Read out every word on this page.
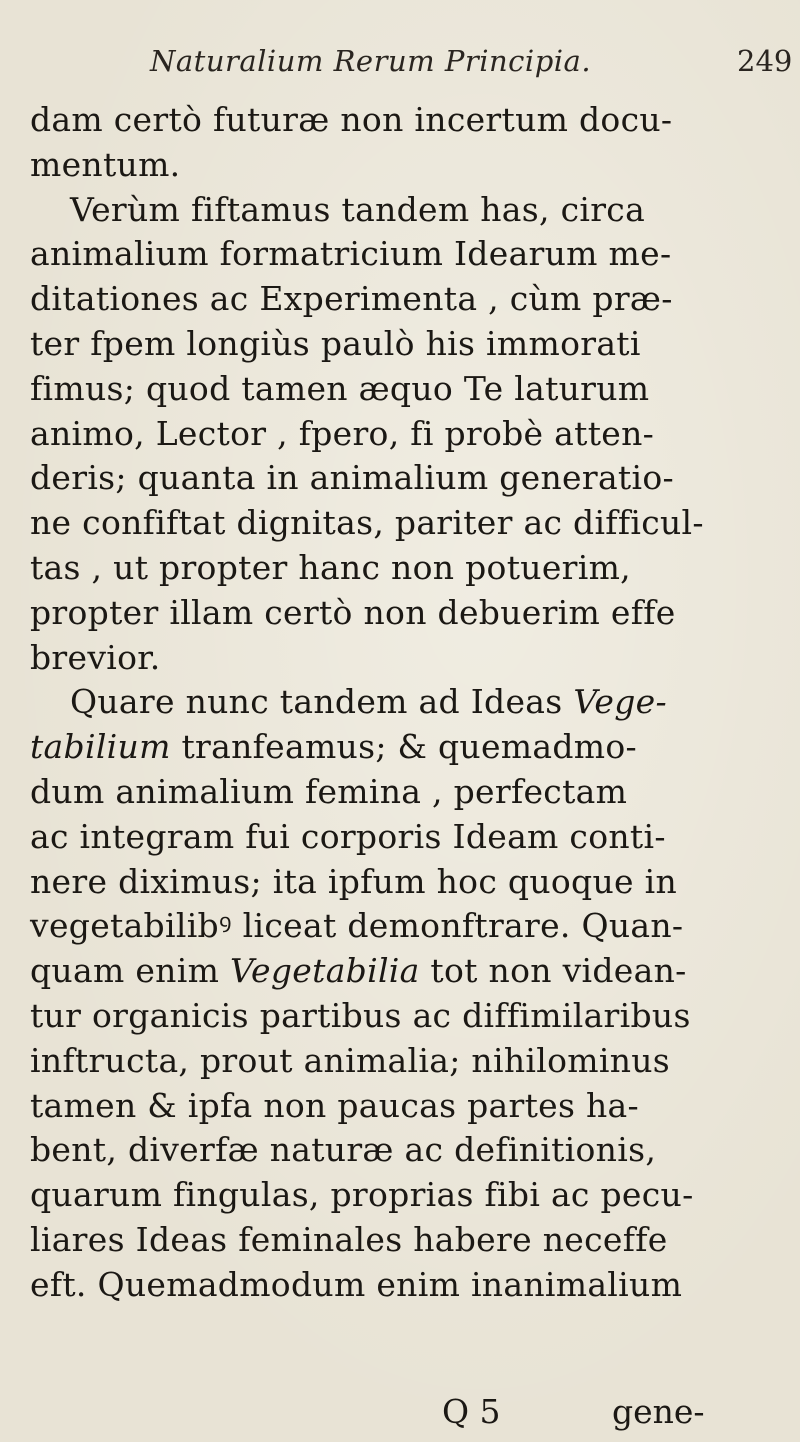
Naturalium Rerum Principia.	249
dam certò futuræ non incertum docu-
mentum.
Verùm fiftamus tandem has, circa
animalium formatricium Idearum me-
ditationes ac Experimenta , cùm præ-
ter fpem longiùs paulò his immorati
fimus; quod tamen æquo Te laturum
animo, Lector , fpero, fi probè atten-
deris; quanta in animalium generatio-
ne confiftat dignitas, pariter ac difficul-
tas , ut propter hanc non potuerim,
propter illam certò non debuerim effe
brevior.
Quare nunc tandem ad Ideas Vege-
tabilium tranfeamus; & quemadmo-
dum animalium femina , perfectam
ac integram fui corporis Ideam conti-
nere diximus; ita ipfum hoc quoque in
vegetabilibꝰ liceat demonftrare. Quan-
quam enim Vegetabilia tot non videan-
tur organicis partibus ac diffimilaribus
inftructa, prout animalia; nihilominus
tamen & ipfa non paucas partes ha-
bent, diverfæ naturæ ac definitionis,
quarum fingulas, proprias fibi ac pecu-
liares Ideas feminales habere neceffe
eft. Quemadmodum enim inanimalium
Q 5	gene-
